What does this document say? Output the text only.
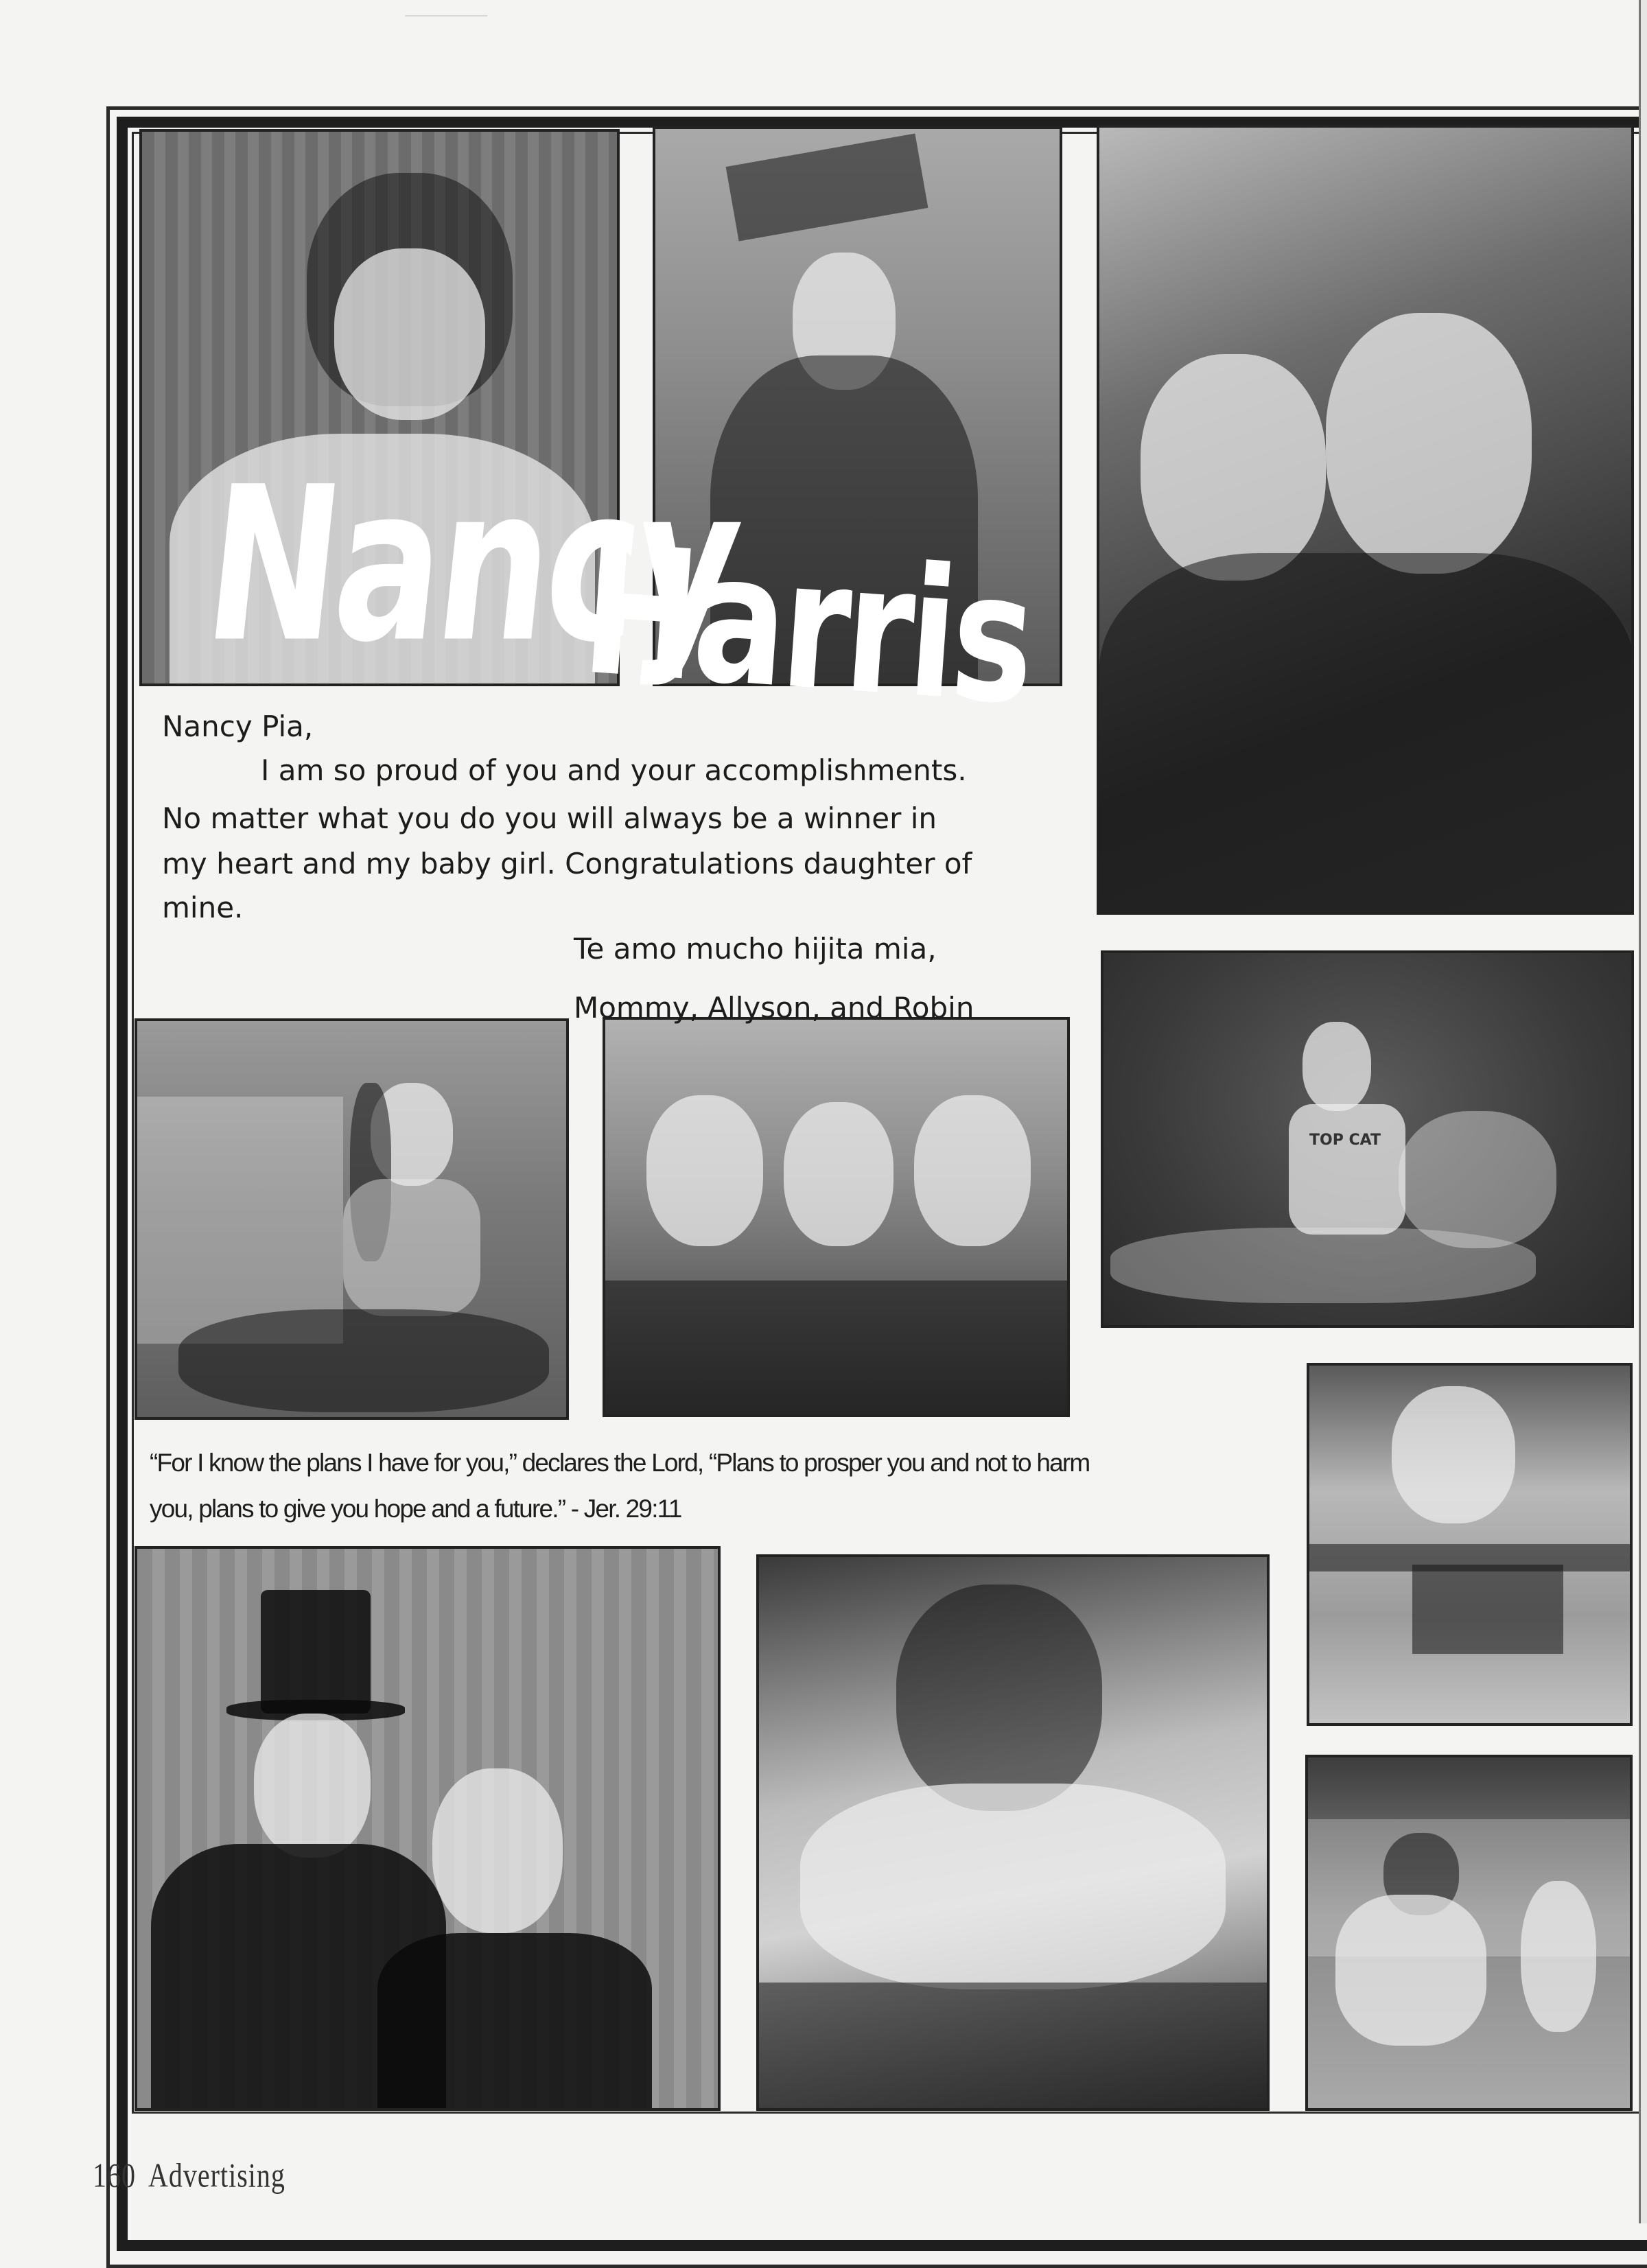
TOP CAT
Nancy
Harris
Nancy Pia,
I am so proud of you and your accomplishments.
No matter what you do you will always be a winner in
my heart and my baby girl. Congratulations daughter of
mine.
Te amo mucho hijita mia,
Mommy, Allyson, and Robin
“For I know the plans I have for you,” declares the Lord, “Plans to prosper you and not to harm
you, plans to give you hope and a future.” - Jer. 29:11
160 Advertising
